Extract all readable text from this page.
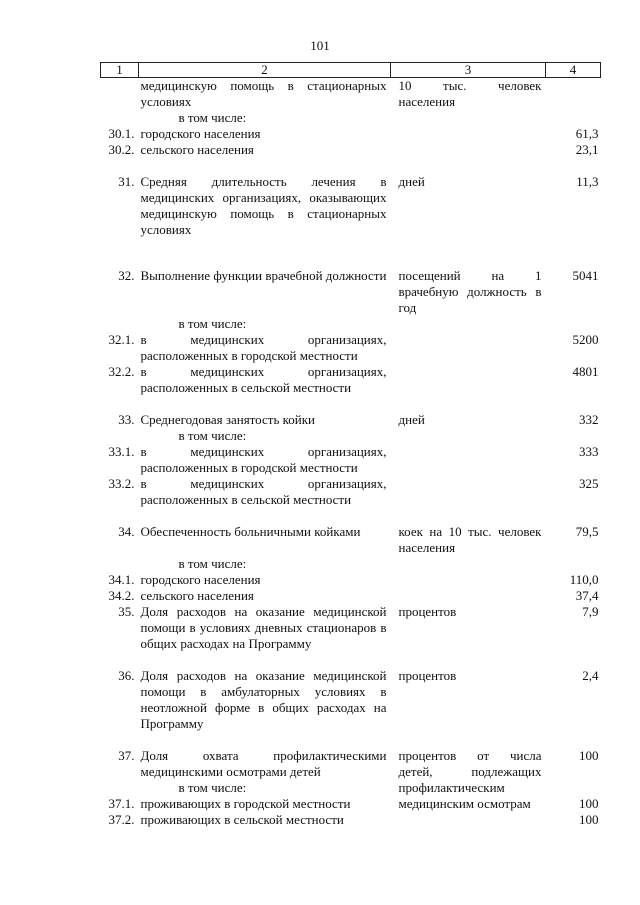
101
1	2	3	4
	медицинскую помощь в стационарных условиях	10 тыс. человек населения	

	в том числе:		

30.1.	городского населения		61,3
30.2.	сельского населения		23,1

31.	Средняя длительность лечения в медицинских организациях, оказывающих медицинскую помощь в стационарных условиях	дней	11,3

32.	Выполнение функции врачебной должности	посещений на 1 врачебную должность в год	5041

	в том числе:		

32.1.	в медицинских организациях, расположенных в городской местности		5200
32.2.	в медицинских организациях, расположенных в сельской местности		4801

33.	Среднегодовая занятость койки	дней	332

	в том числе:		

33.1.	в медицинских организациях, расположенных в городской местности		333
33.2.	в медицинских организациях, расположенных в сельской местности		325

34.	Обеспеченность больничными койками	коек на 10 тыс. человек населения	79,5

	в том числе:		

34.1.	городского населения		110,0
34.2.	сельского населения		37,4
35.	Доля расходов на оказание медицинской помощи в условиях дневных стационаров в общих расходах на Программу	процентов	7,9

36.	Доля расходов на оказание медицинской помощи в амбулаторных условиях в неотложной форме в общих расходах на Программу	процентов	2,4

37.	Доля охвата профилактическими медицинскими осмотрами детей	процентов от числа детей, подлежащих профилактическим медицинским осмотрам	100

	в том числе:		

37.1.	проживающих в городской местности		100
37.2.	проживающих в сельской местности		100
